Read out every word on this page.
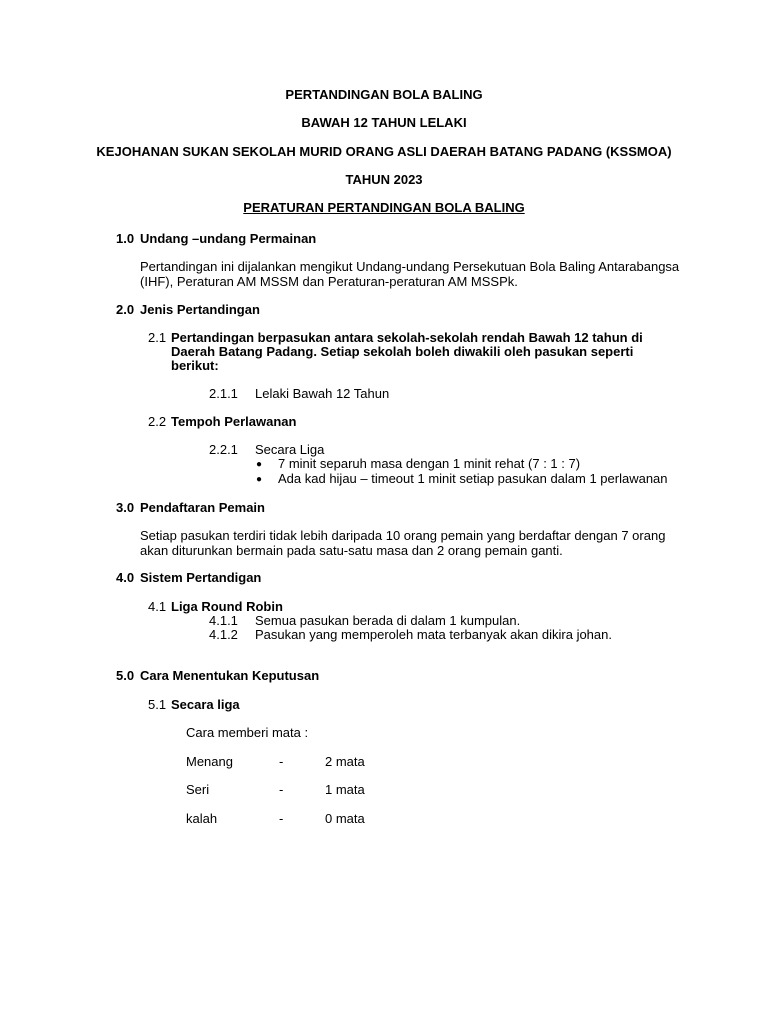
PERTANDINGAN BOLA BALING
BAWAH 12 TAHUN LELAKI
KEJOHANAN SUKAN SEKOLAH MURID ORANG ASLI DAERAH BATANG PADANG (KSSMOA)
TAHUN 2023
PERATURAN PERTANDINGAN BOLA BALING
1.0 Undang –undang Permainan
Pertandingan ini dijalankan mengikut Undang-undang Persekutuan Bola Baling Antarabangsa
(IHF), Peraturan AM MSSM dan Peraturan-peraturan AM MSSPk.
2.0 Jenis Pertandingan
2.1 Pertandingan berpasukan antara sekolah-sekolah rendah Bawah 12 tahun di
Daerah Batang Padang. Setiap sekolah boleh diwakili oleh pasukan seperti
berikut:
2.1.1 Lelaki Bawah 12 Tahun
2.2 Tempoh Perlawanan
2.2.1 Secara Liga
● 7 minit separuh masa dengan 1 minit rehat (7 : 1 : 7)
● Ada kad hijau – timeout 1 minit setiap pasukan dalam 1 perlawanan
3.0 Pendaftaran Pemain
Setiap pasukan terdiri tidak lebih daripada 10 orang pemain yang berdaftar dengan 7 orang
akan diturunkan bermain pada satu-satu masa dan 2 orang pemain ganti.
4.0 Sistem Pertandigan
4.1 Liga Round Robin
4.1.1 Semua pasukan berada di dalam 1 kumpulan.
4.1.2 Pasukan yang memperoleh mata terbanyak akan dikira johan.
5.0 Cara Menentukan Keputusan
5.1 Secara liga
Cara memberi mata :
Menang	-	2 mata
Seri	-	1 mata
kalah	-	0 mata
